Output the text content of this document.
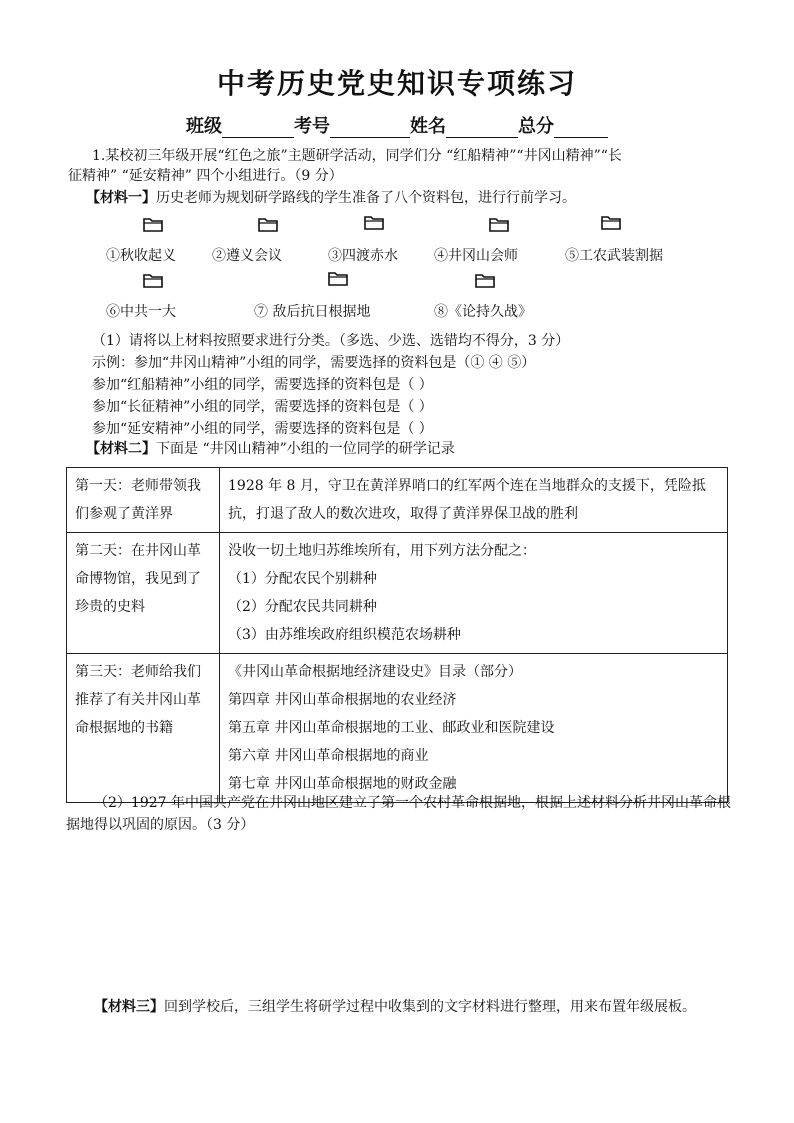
中考历史党史知识专项练习
班级	考号	姓名	总分
1.某校初三年级开展“红色之旅”主题研学活动，同学们分 “红船精神”“井冈山精神”“长
征精神” “延安精神” 四个小组进行。（9 分）
【材料一】历史老师为规划研学路线的学生准备了八个资料包，进行行前学习。
①秋收起义	②遵义会议	③四渡赤水	④井冈山会师	⑤工农武装割据
⑥中共一大	⑦ 敌后抗日根据地	⑧《论持久战》
（1）请将以上材料按照要求进行分类。（多选、少选、选错均不得分，3 分）
示例：参加“井冈山精神”小组的同学，需要选择的资料包是（① ④ ⑤）
参加“红船精神”小组的同学，需要选择的资料包是（ ）
参加“长征精神”小组的同学，需要选择的资料包是（ ）
参加“延安精神”小组的同学，需要选择的资料包是（ ）
【材料二】下面是 “井冈山精神”小组的一位同学的研学记录
第一天：老师带领我们参观了黄洋界	1928 年 8 月，守卫在黄洋界哨口的红军两个连在当地群众的支援下，凭险抵抗，打退了敌人的数次进攻，取得了黄洋界保卫战的胜利

第二天：在井冈山革命博物馆，我见到了珍贵的史料	没收一切土地归苏维埃所有，用下列方法分配之：
（1）分配农民个别耕种
（2）分配农民共同耕种
（3）由苏维埃政府组织模范农场耕种

第三天：老师给我们推荐了有关井冈山革命根据地的书籍	《井冈山革命根据地经济建设史》目录（部分）
第四章 井冈山革命根据地的农业经济
第五章 井冈山革命根据地的工业、邮政业和医院建设
第六章 井冈山革命根据地的商业
第七章 井冈山革命根据地的财政金融
（2）1927 年中国共产党在井冈山地区建立了第一个农村革命根据地，根据上述材料分析井冈山革命根据地得以巩固的原因。（3 分）
【材料三】回到学校后，三组学生将研学过程中收集到的文字材料进行整理，用来布置年级展板。
